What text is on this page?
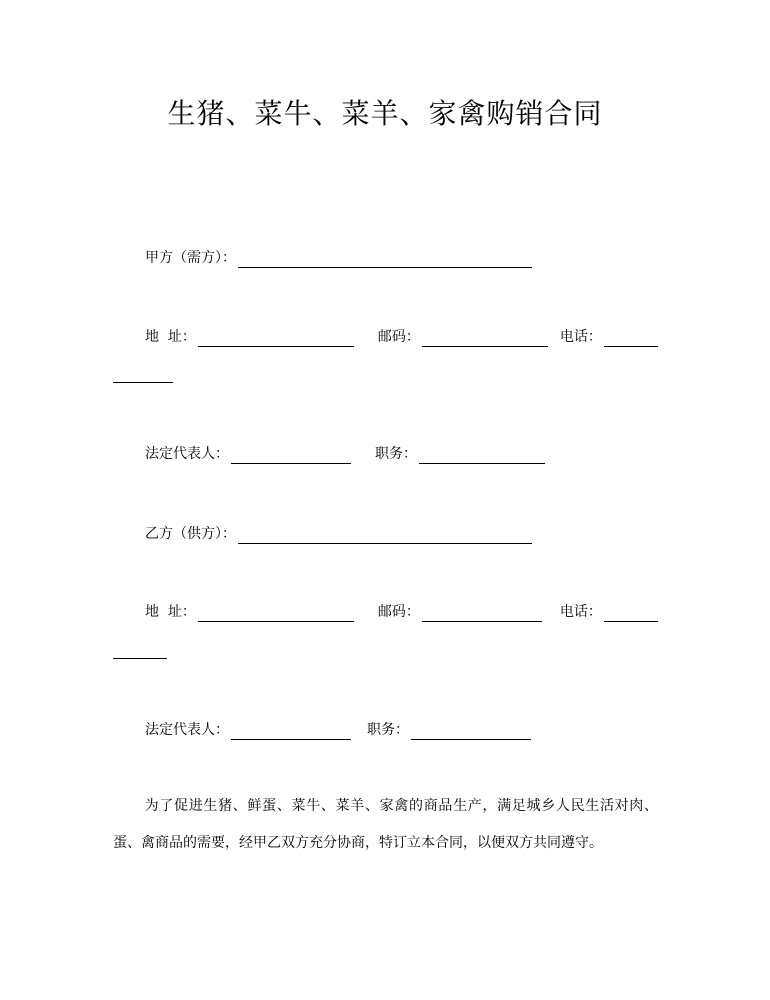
生猪、菜牛、菜羊、家禽购销合同
甲方（需方）：
地  址：	邮码：	电话：
法定代表人：	职务：
乙方（供方）：
地  址：	邮码：	电话：
法定代表人：	职务：
为了促进生猪、鲜蛋、菜牛、菜羊、家禽的商品生产，满足城乡人民生活对肉、蛋、禽商品的需要，经甲乙双方充分协商，特订立本合同，以便双方共同遵守。
